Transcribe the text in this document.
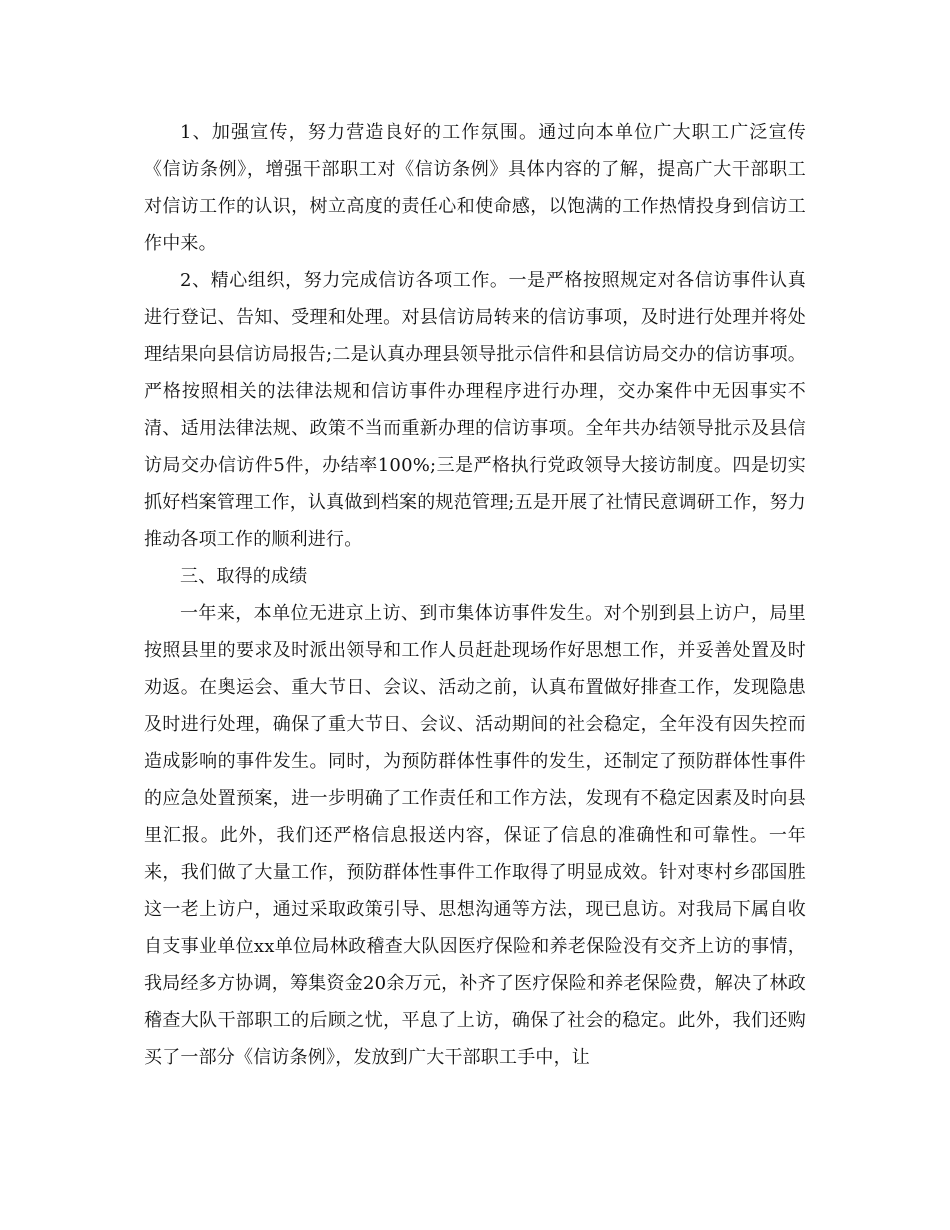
1、加强宣传，努力营造良好的工作氛围。通过向本单位广大职工广泛宣传《信访条例》，增强干部职工对《信访条例》具体内容的了解，提高广大干部职工对信访工作的认识，树立高度的责任心和使命感，以饱满的工作热情投身到信访工作中来。

2、精心组织，努力完成信访各项工作。一是严格按照规定对各信访事件认真进行登记、告知、受理和处理。对县信访局转来的信访事项，及时进行处理并将处理结果向县信访局报告;二是认真办理县领导批示信件和县信访局交办的信访事项。严格按照相关的法律法规和信访事件办理程序进行办理，交办案件中无因事实不清、适用法律法规、政策不当而重新办理的信访事项。全年共办结领导批示及县信访局交办信访件5件，办结率100%;三是严格执行党政领导大接访制度。四是切实抓好档案管理工作，认真做到档案的规范管理;五是开展了社情民意调研工作，努力推动各项工作的顺利进行。

三、取得的成绩

一年来，本单位无进京上访、到市集体访事件发生。对个别到县上访户，局里按照县里的要求及时派出领导和工作人员赶赴现场作好思想工作，并妥善处置及时劝返。在奥运会、重大节日、会议、活动之前，认真布置做好排查工作，发现隐患及时进行处理，确保了重大节日、会议、活动期间的社会稳定，全年没有因失控而造成影响的事件发生。同时，为预防群体性事件的发生，还制定了预防群体性事件的应急处置预案，进一步明确了工作责任和工作方法，发现有不稳定因素及时向县里汇报。此外，我们还严格信息报送内容，保证了信息的准确性和可靠性。一年来，我们做了大量工作，预防群体性事件工作取得了明显成效。针对枣村乡邵国胜这一老上访户，通过采取政策引导、思想沟通等方法，现已息访。对我局下属自收自支事业单位xx单位局林政稽查大队因医疗保险和养老保险没有交齐上访的事情，我局经多方协调，筹集资金20余万元，补齐了医疗保险和养老保险费，解决了林政稽查大队干部职工的后顾之忧，平息了上访，确保了社会的稳定。此外，我们还购买了一部分《信访条例》，发放到广大干部职工手中，让
